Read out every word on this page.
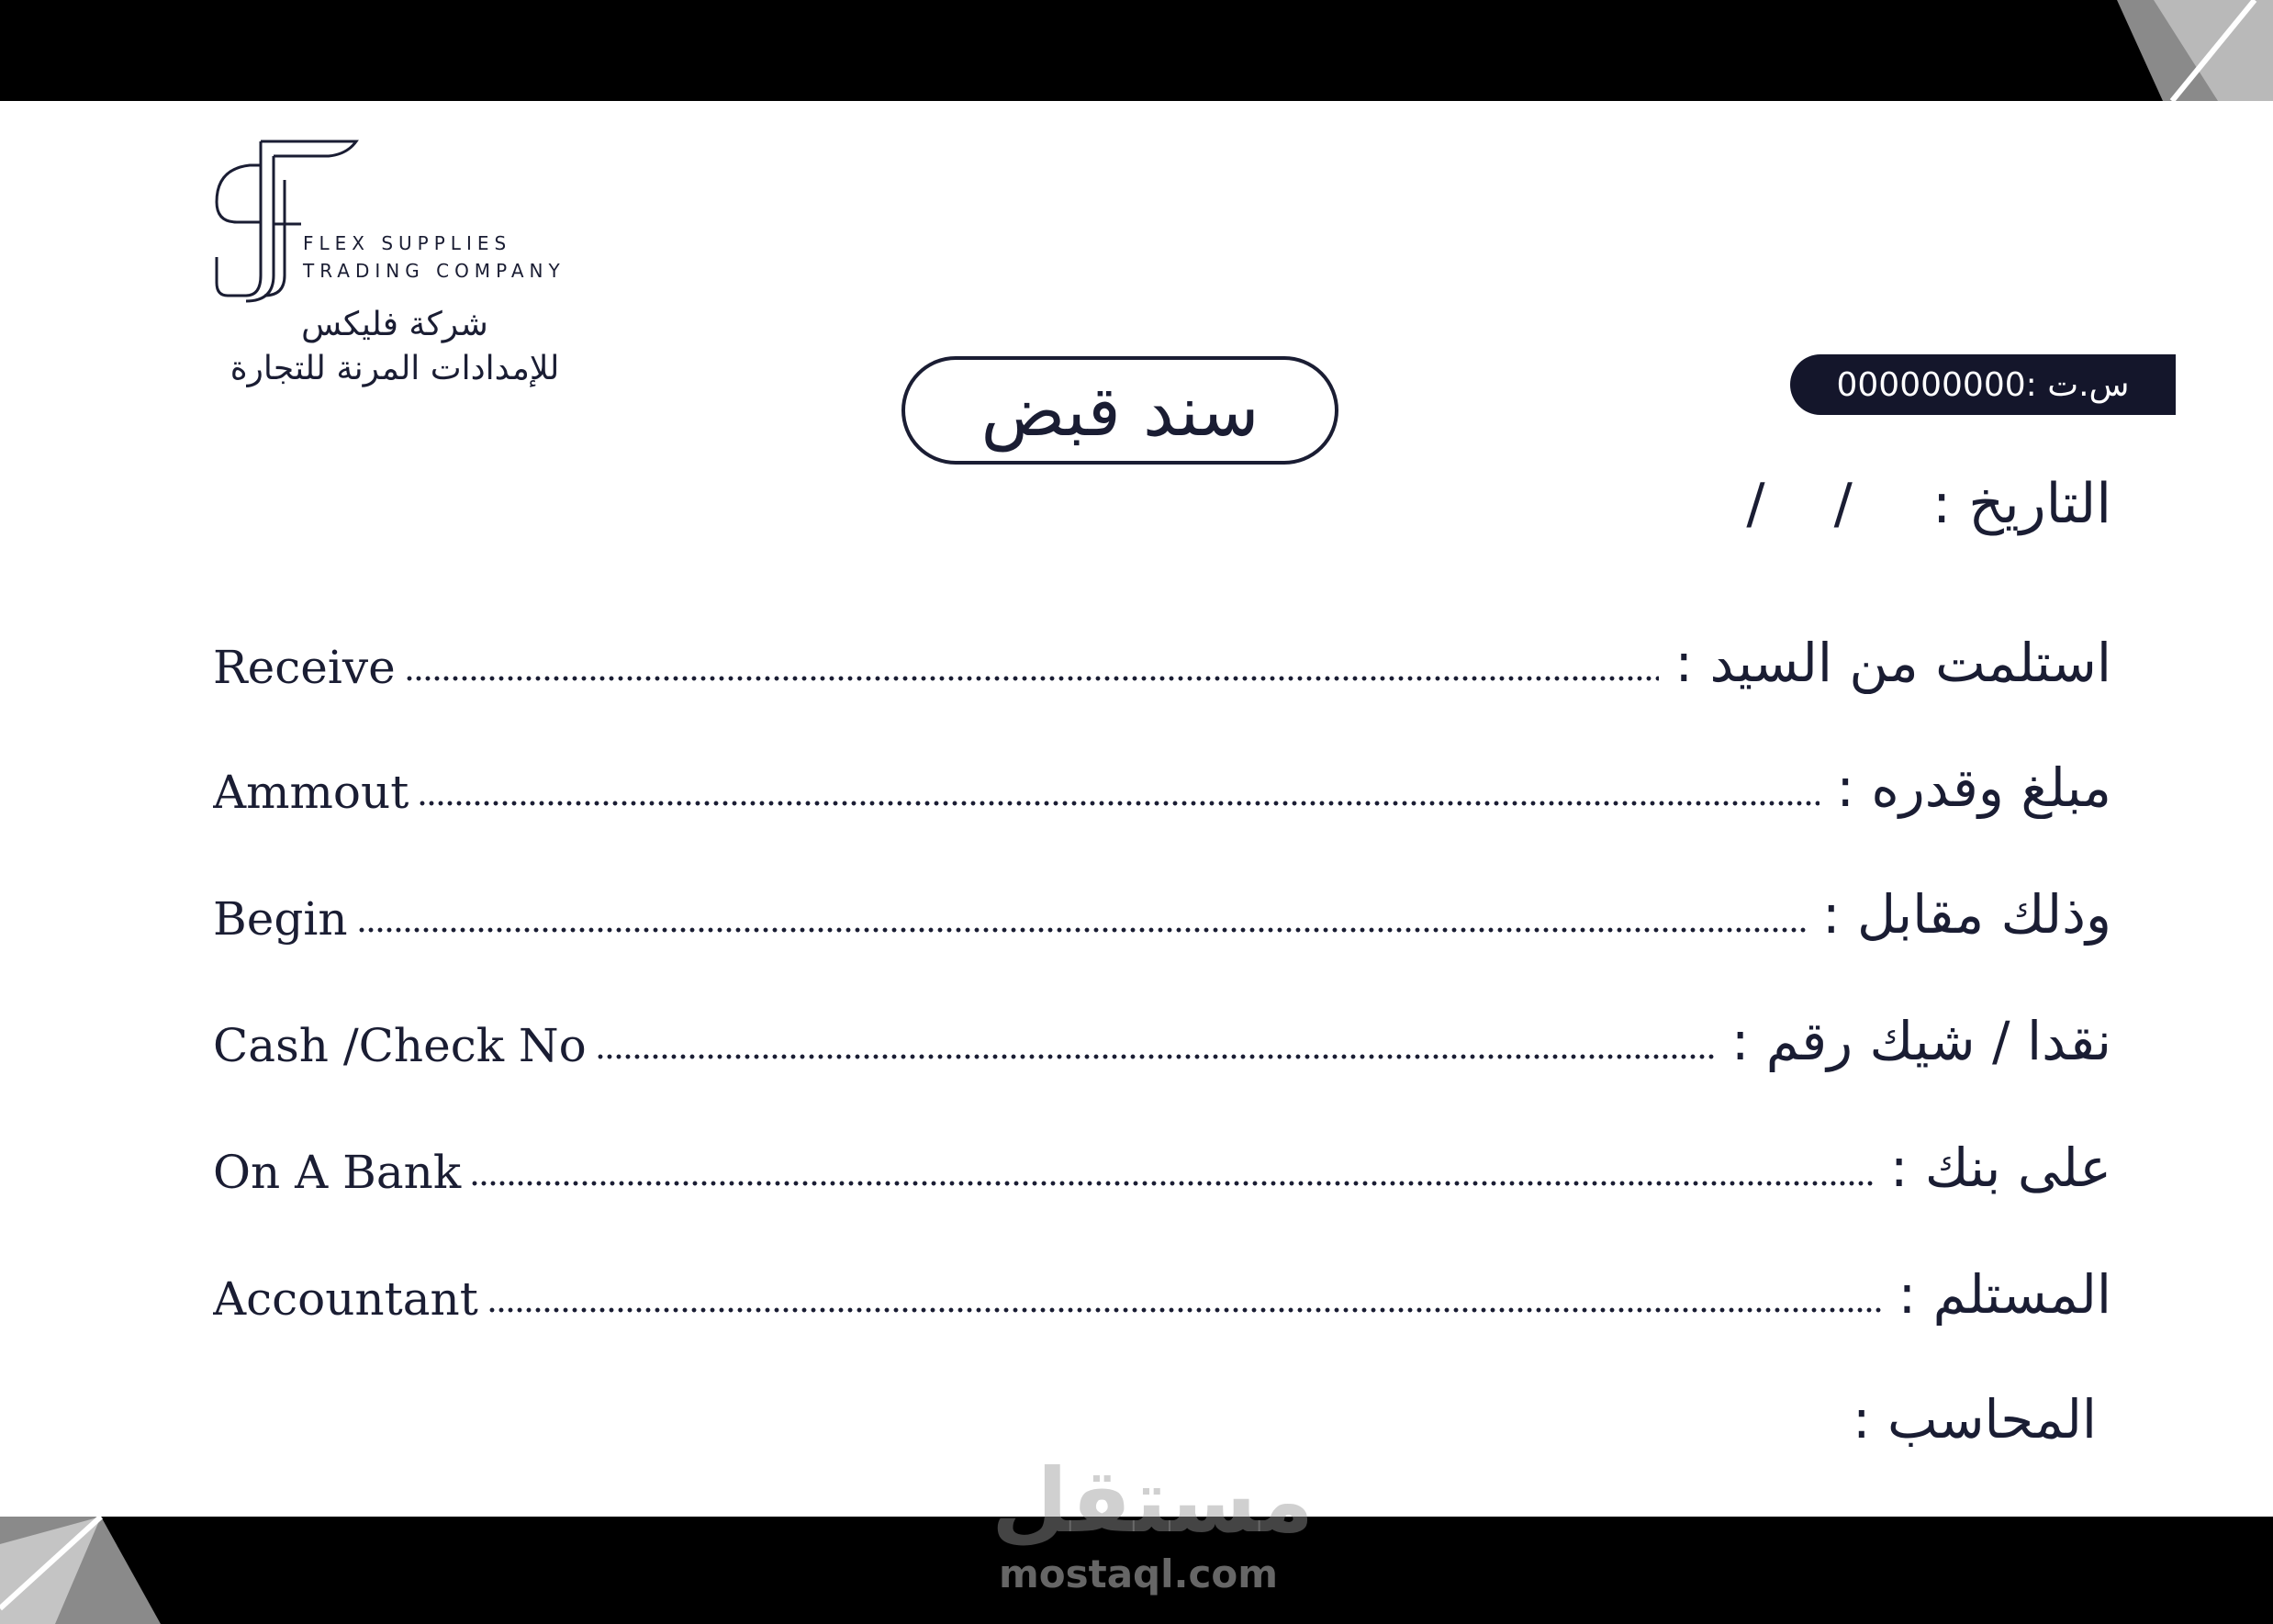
FLEX SUPPLIES
TRADING COMPANY
شركة فليكس
للإمدادات المرنة للتجارة
سند قبض	س.ت :000000000
التاريخ : / /
Receive	استلمت من السيد :
Ammout	مبلغ وقدره :
Begin	وذلك مقابل :
Cash /Check No	نقدا / شيك رقم :
On A Bank	على بنك :
Accountant	المستلم :
المحاسب :
مستقل
mostaql.com
